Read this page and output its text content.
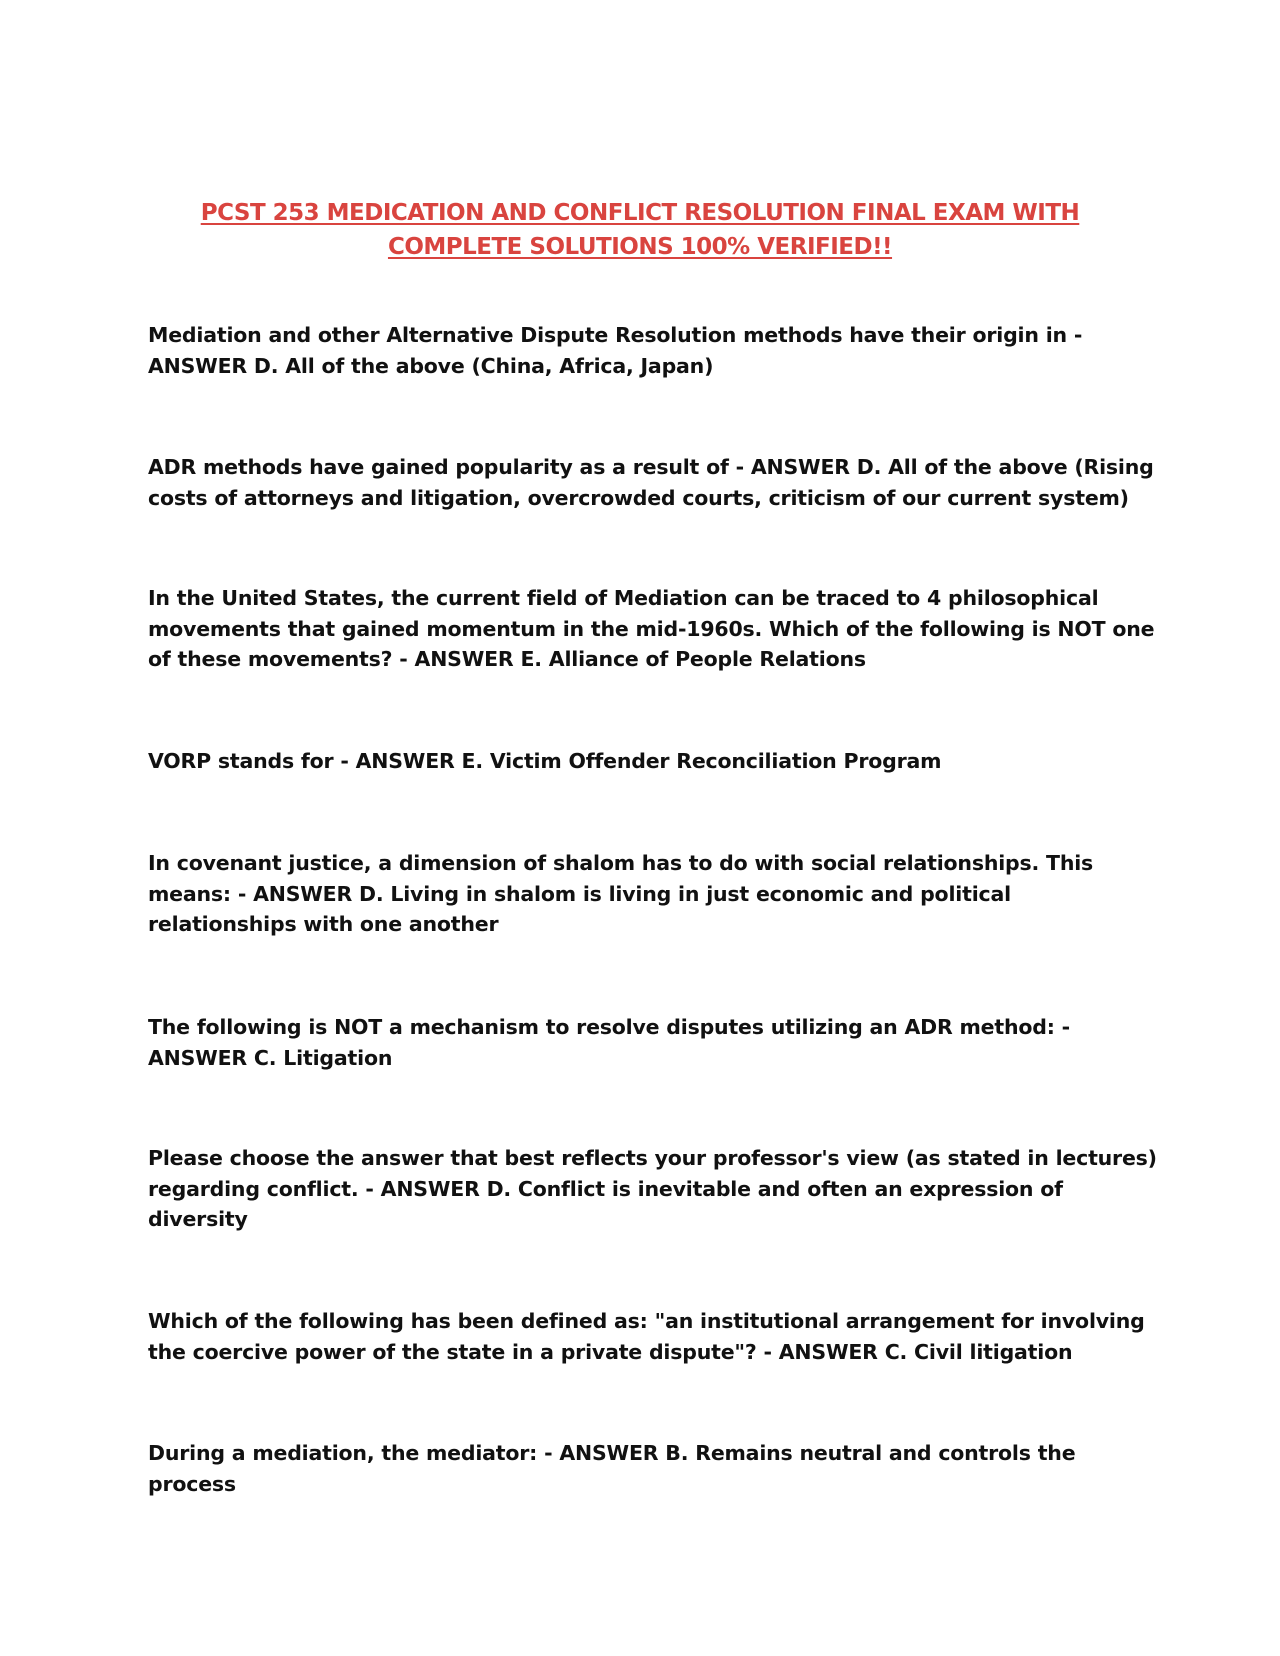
PCST 253 MEDICATION AND CONFLICT RESOLUTION FINAL EXAM WITH
COMPLETE SOLUTIONS 100% VERIFIED!!
Mediation and other Alternative Dispute Resolution methods have their origin in -
ANSWER D. All of the above (China, Africa, Japan)
ADR methods have gained popularity as a result of - ANSWER D. All of the above (Rising
costs of attorneys and litigation, overcrowded courts, criticism of our current system)
In the United States, the current field of Mediation can be traced to 4 philosophical
movements that gained momentum in the mid-1960s. Which of the following is NOT one
of these movements? - ANSWER E. Alliance of People Relations
VORP stands for - ANSWER E. Victim Offender Reconciliation Program
In covenant justice, a dimension of shalom has to do with social relationships. This
means: - ANSWER D. Living in shalom is living in just economic and political
relationships with one another
The following is NOT a mechanism to resolve disputes utilizing an ADR method: -
ANSWER C. Litigation
Please choose the answer that best reflects your professor's view (as stated in lectures)
regarding conflict. - ANSWER D. Conflict is inevitable and often an expression of
diversity
Which of the following has been defined as: "an institutional arrangement for involving
the coercive power of the state in a private dispute"? - ANSWER C. Civil litigation
During a mediation, the mediator: - ANSWER B. Remains neutral and controls the
process
